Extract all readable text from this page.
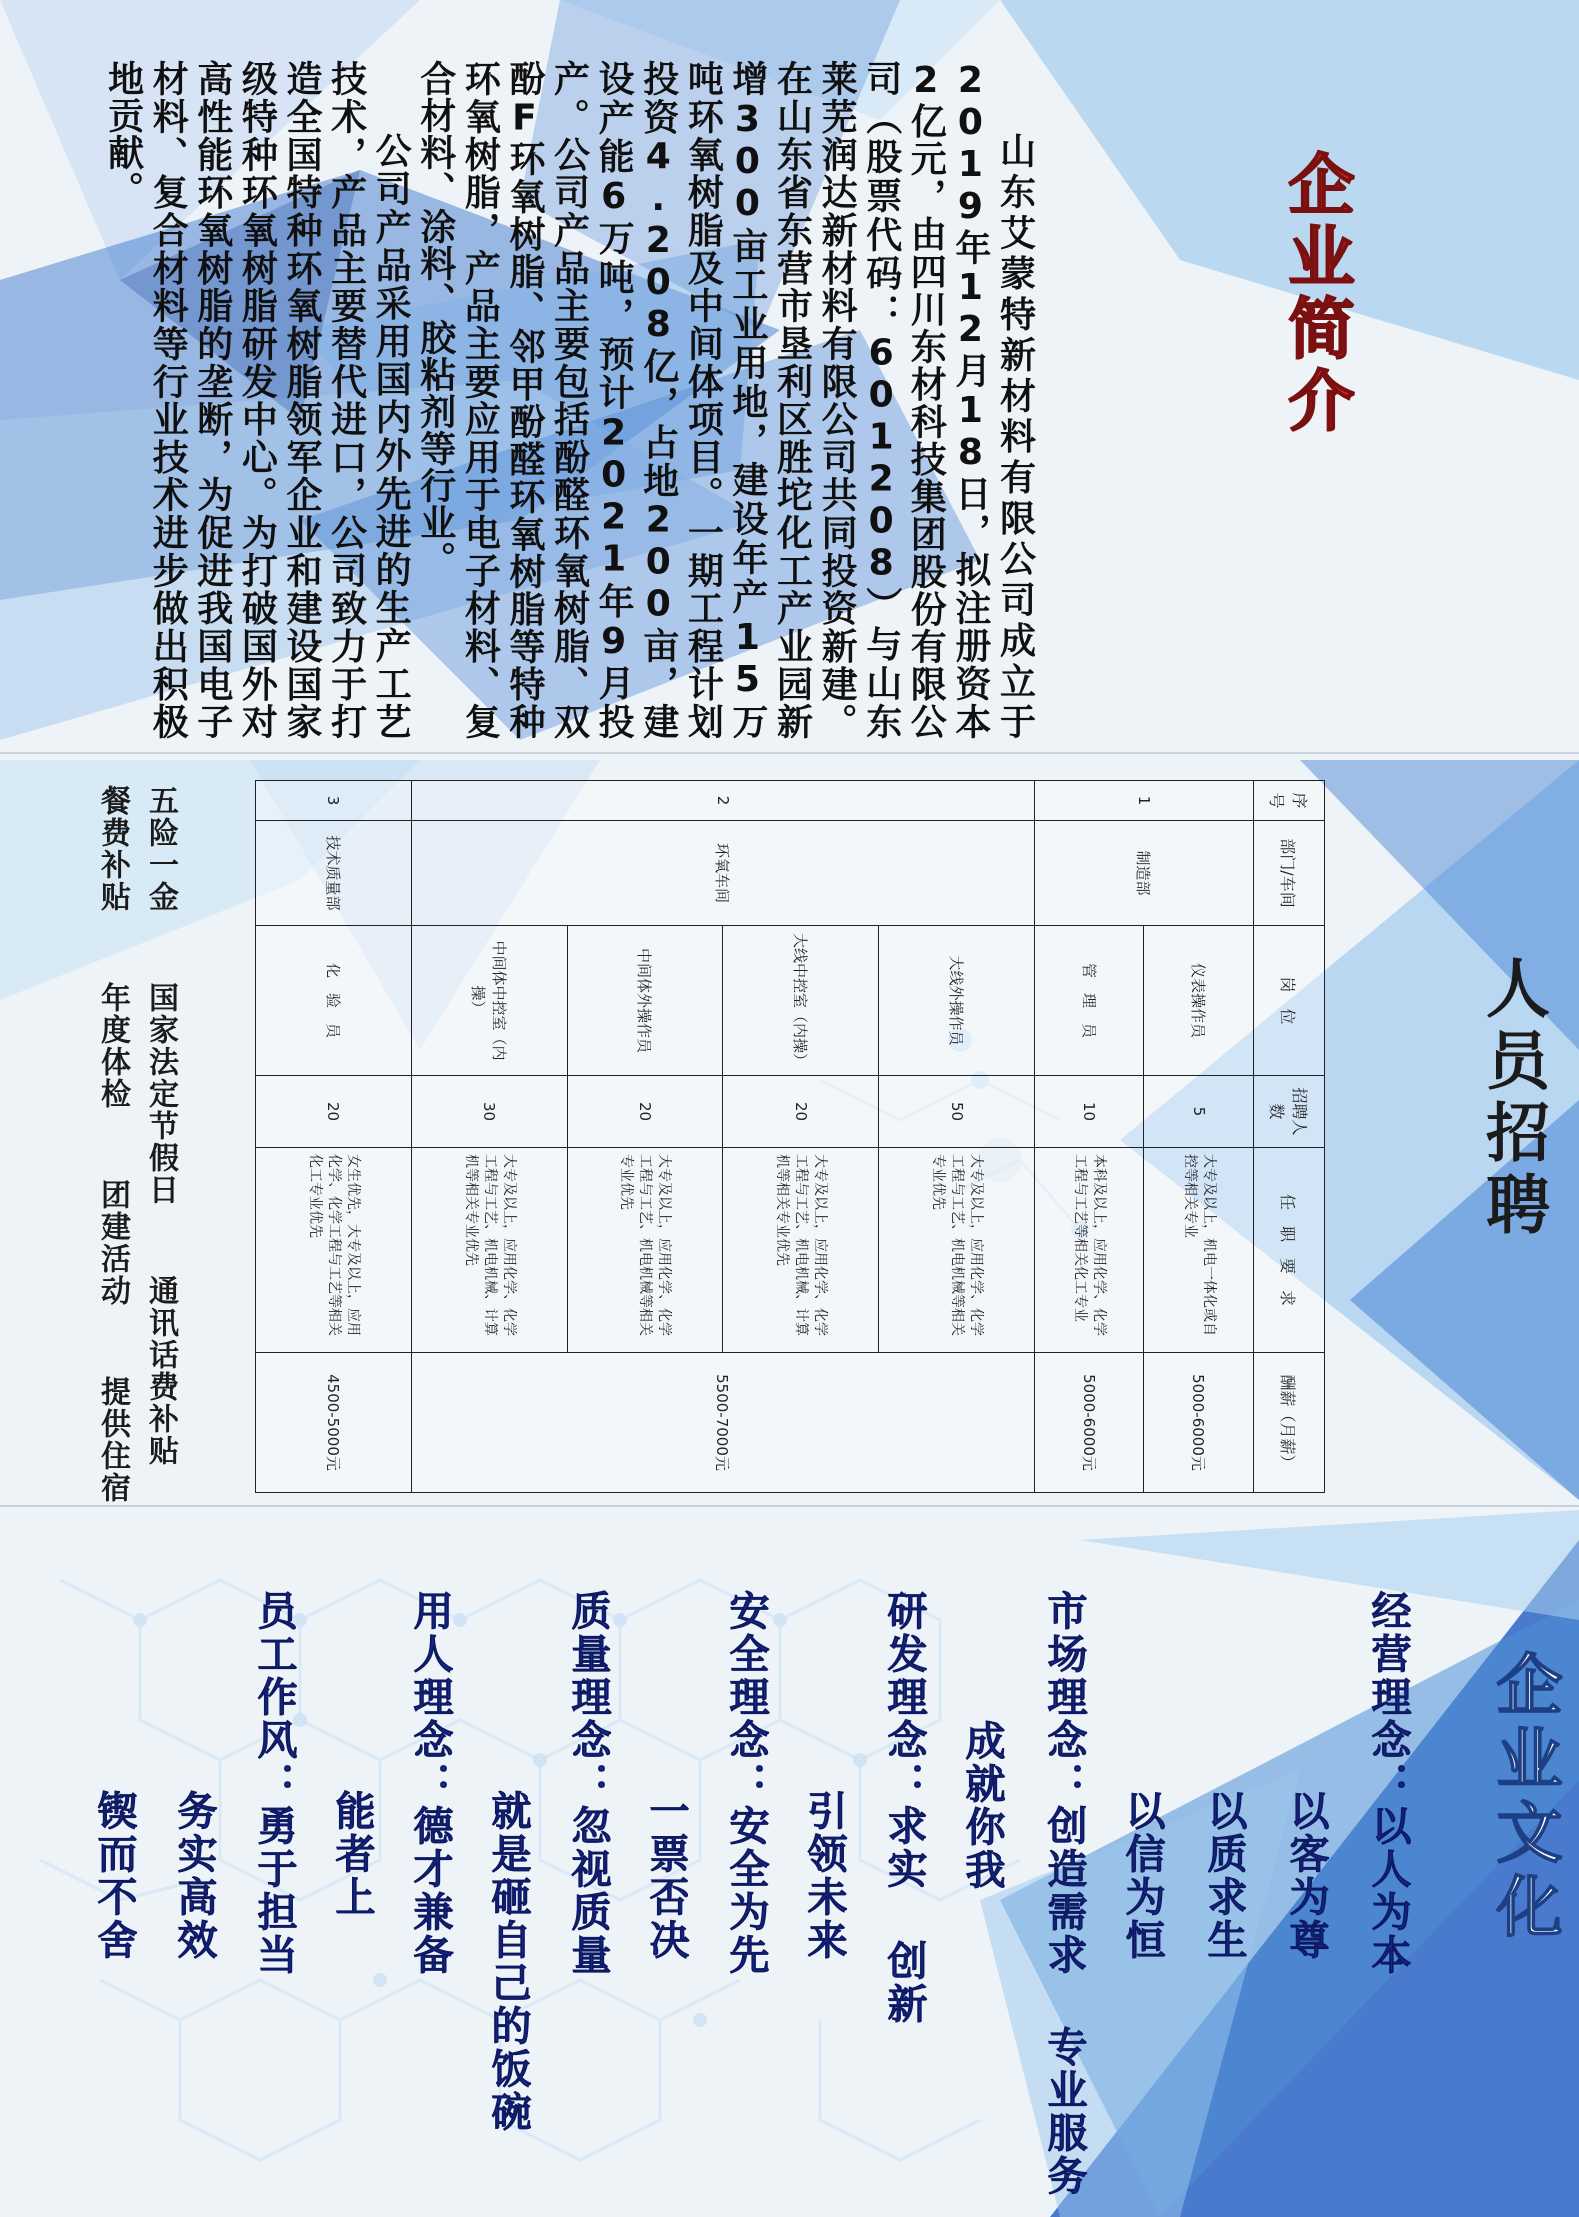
企业简介

山东艾蒙特新材料有限公司成立于2019年12月18日，拟注册资本2亿元，由四川东材科技集团股份有限公司（股票代码：601208）与山东莱芜润达新材料有限公司共同投资新建。在山东省东营市垦利区胜坨化工产业园新增300亩工业用地，建设年产15万吨环氧树脂及中间体项目。一期工程计划投资4.208亿，占地200亩，建设产能6万吨，预计2021年9月投产。公司产品主要包括酚醛环氧树脂、双酚F环氧树脂、邻甲酚醛环氧树脂等特种环氧树脂，产品主要应用于电子材料、复合材料、涂料、胶粘剂等行业。

公司产品采用国内外先进的生产工艺技术，产品主要替代进口，公司致力于打造全国特种环氧树脂领军企业和建设国家级特种环氧树脂研发中心。为打破国外对高性能环氧树脂的垄断，为促进我国电子材料、复合材料等行业技术进步做出积极地贡献。

人员招聘
序号	部门/车间	岗　位	招聘人数	任　职　要　求	酬薪（月薪）
1	制造部	仪表操作员	5	大专及以上，机电一体化或自控等相关专业	5000-6000元
		管　理　员	10	本科及以上，应用化学、化学工程与工艺等相关化工专业	5000-6000元
2	环氧车间	大线外操作员	50	大专及以上，应用化学、化学工程与工艺、机电机械等相关专业优先	5500-7000元
		大线中控室（内操）	20	大专及以上，应用化学、化学工程与工艺、机电机械、计算机等相关专业优先	
		中间体外操作员	20	大专及以上，应用化学、化学工程与工艺、机电机械等相关专业优先	
		中间体中控室（内操）	30	大专及以上，应用化学、化学工程与工艺、机电机械、计算机等相关专业优先	
3	技术质量部	化　验　员	20	女生优先，大专及以上，应用化学、化学工程与工艺等相关化工专业优先	4500-5000元
五险一金　 国家法定节假日　 通讯话费补贴
餐费补贴　 年度体检　 团建活动　 提供住宿
企业文化
经营理念：以人为本
以客为尊
以质求生
以信为恒
市场理念：创造需求 专业服务
成就你我
研发理念：求实 创新
引领未来
安全理念：安全为先
一票否决
质量理念：忽视质量
就是砸自己的饭碗
用人理念：德才兼备
能者上
员工作风：勇于担当
务实高效
锲而不舍
